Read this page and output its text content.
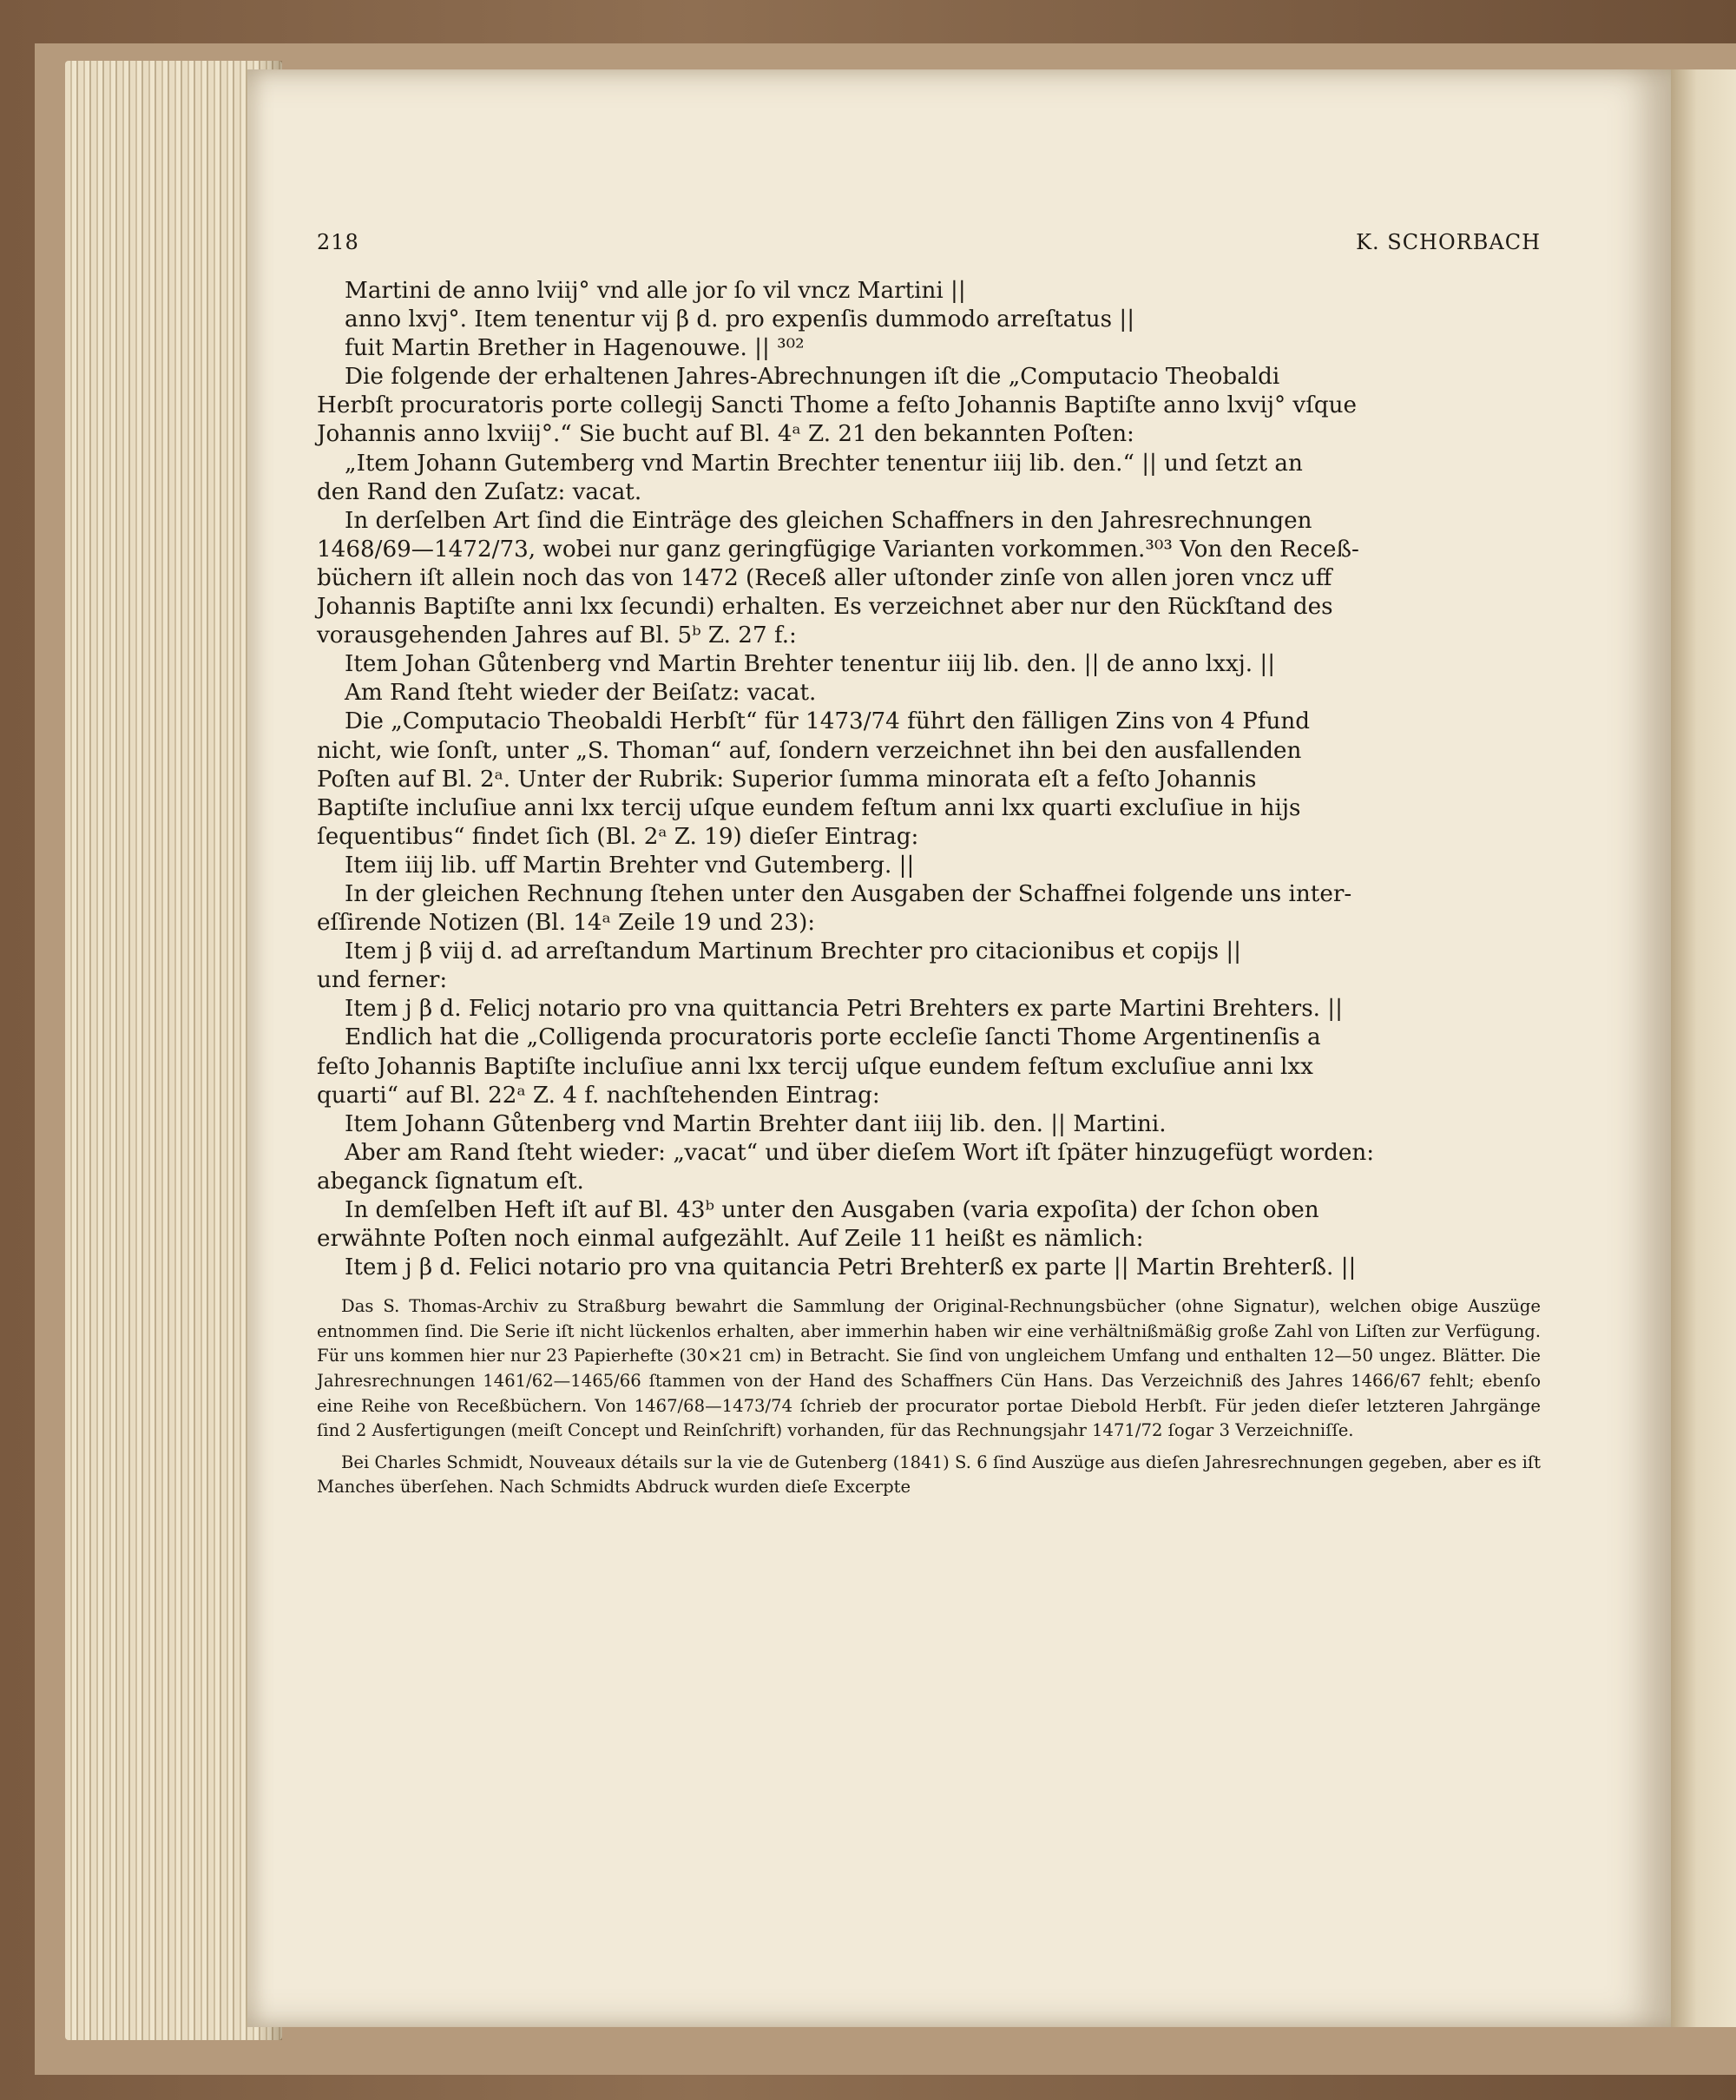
218	K. SCHORBACH
Martini de anno lviij° vnd alle jor ſo vil vncz Martini ||
anno lxvj°. Item tenentur vij β d. pro expenſis dummodo arreſtatus ||
fuit Martin Brether in Hagenouwe. || ³⁰²
Die folgende der erhaltenen Jahres-Abrechnungen iſt die „Computacio Theobaldi
Herbſt procuratoris porte collegij Sancti Thome a feſto Johannis Baptiſte anno lxvij° vſque
Johannis anno lxviij°.“ Sie bucht auf Bl. 4ᵃ Z. 21 den bekannten Poſten:
„Item Johann Gutemberg vnd Martin Brechter tenentur iiij lib. den.“ || und ſetzt an
den Rand den Zuſatz: vacat.
In derſelben Art ſind die Einträge des gleichen Schaffners in den Jahresrechnungen
1468/69—1472/73, wobei nur ganz geringfügige Varianten vorkommen.³⁰³ Von den Receß-
büchern iſt allein noch das von 1472 (Receß aller uſtonder zinſe von allen joren vncz uff
Johannis Baptiſte anni lxx ſecundi) erhalten. Es verzeichnet aber nur den Rückſtand des
vorausgehenden Jahres auf Bl. 5ᵇ Z. 27 f.:
Item Johan Gůtenberg vnd Martin Brehter tenentur iiij lib. den. || de anno lxxj. ||
Am Rand ſteht wieder der Beiſatz: vacat.
Die „Computacio Theobaldi Herbſt“ für 1473/74 führt den fälligen Zins von 4 Pfund
nicht, wie ſonſt, unter „S. Thoman“ auf, ſondern verzeichnet ihn bei den ausfallenden
Poſten auf Bl. 2ᵃ. Unter der Rubrik: Superior ſumma minorata eſt a feſto Johannis
Baptiſte incluſiue anni lxx tercij uſque eundem feſtum anni lxx quarti excluſiue in hijs
ſequentibus“ findet ſich (Bl. 2ᵃ Z. 19) dieſer Eintrag:
Item iiij lib. uff Martin Brehter vnd Gutemberg. ||
In der gleichen Rechnung ſtehen unter den Ausgaben der Schaffnei folgende uns inter-
eſſirende Notizen (Bl. 14ᵃ Zeile 19 und 23):
Item j β viij d. ad arreſtandum Martinum Brechter pro citacionibus et copijs ||
und ferner:
Item j β d. Felicj notario pro vna quittancia Petri Brehters ex parte Martini Brehters. ||
Endlich hat die „Colligenda procuratoris porte eccleſie ſancti Thome Argentinenſis a
feſto Johannis Baptiſte incluſiue anni lxx tercij uſque eundem feſtum excluſiue anni lxx
quarti“ auf Bl. 22ᵃ Z. 4 f. nachſtehenden Eintrag:
Item Johann Gůtenberg vnd Martin Brehter dant iiij lib. den. || Martini.
Aber am Rand ſteht wieder: „vacat“ und über dieſem Wort iſt ſpäter hinzugefügt worden:
abeganck ſignatum eſt.
In demſelben Heft iſt auf Bl. 43ᵇ unter den Ausgaben (varia expoſita) der ſchon oben
erwähnte Poſten noch einmal aufgezählt. Auf Zeile 11 heißt es nämlich:
Item j β d. Felici notario pro vna quitancia Petri Brehterß ex parte || Martin Brehterß. ||

Das S. Thomas-Archiv zu Straßburg bewahrt die Sammlung der Original-Rechnungsbücher (ohne Signatur), welchen obige Auszüge entnommen ſind. Die Serie iſt nicht lückenlos erhalten, aber immerhin haben wir eine verhältnißmäßig große Zahl von Liſten zur Verfügung. Für uns kommen hier nur 23 Papierhefte (30×21 cm) in Betracht. Sie ſind von ungleichem Umfang und enthalten 12—50 ungez. Blätter. Die Jahresrechnungen 1461/62—1465/66 ſtammen von der Hand des Schaffners Cün Hans. Das Verzeichniß des Jahres 1466/67 fehlt; ebenſo eine Reihe von Receßbüchern. Von 1467/68—1473/74 ſchrieb der procurator portae Diebold Herbſt. Für jeden dieſer letzteren Jahrgänge ſind 2 Ausfertigungen (meiſt Concept und Reinſchrift) vorhanden, für das Rechnungsjahr 1471/72 ſogar 3 Verzeichniſſe.

Bei Charles Schmidt, Nouveaux détails sur la vie de Gutenberg (1841) S. 6 ſind Auszüge aus dieſen Jahresrechnungen gegeben, aber es iſt Manches überſehen. Nach Schmidts Abdruck wurden dieſe Excerpte
